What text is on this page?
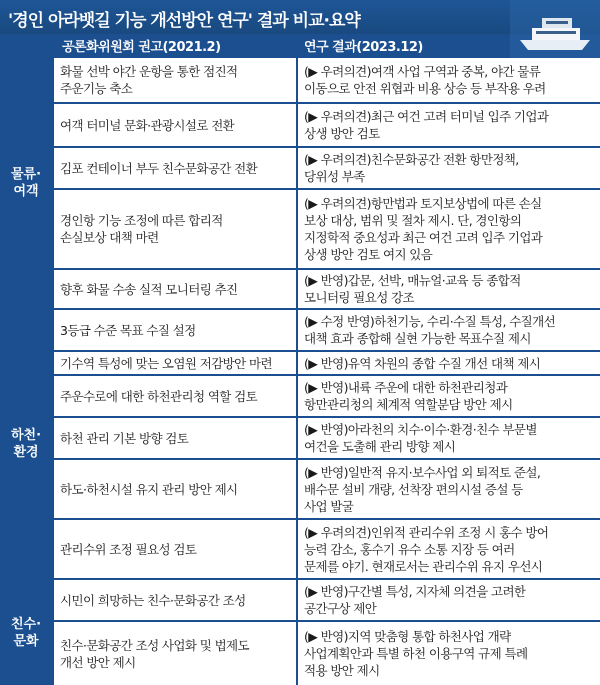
'경인 아라뱃길 기능 개선방안 연구' 결과 비교·요약
공론화위원회 권고(2021.2)	연구 결과(2023.12)
물류·
여객
하천·
환경
친수·
문화
화물 선박 야간 운항을 통한 점진적
주운기능 축소
(▶ 우려의견)여객 사업 구역과 중복, 야간 물류
이동으로 안전 위협과 비용 상승 등 부작용 우려
여객 터미널 문화·관광시설로 전환
(▶ 우려의견)최근 여건 고려 터미널 입주 기업과
상생 방안 검토
김포 컨테이너 부두 친수문화공간 전환
(▶ 우려의견)친수문화공간 전환 항만정책,
당위성 부족
경인항 기능 조정에 따른 합리적
손실보상 대책 마련
(▶ 우려의견)항만법과 토지보상법에 따른 손실
보상 대상, 범위 및 절차 제시. 단, 경인항의
지정학적 중요성과 최근 여건 고려 입주 기업과
상생 방안 검토 여지 있음
향후 화물 수송 실적 모니터링 추진
(▶ 반영)갑문, 선박, 매뉴얼·교육 등 종합적
모니터링 필요성 강조
3등급 수준 목표 수질 설정
(▶ 수정 반영)하천기능, 수리·수질 특성, 수질개선
대책 효과 종합해 실현 가능한 목표수질 제시
기수역 특성에 맞는 오염원 저감방안 마련	(▶ 반영)유역 차원의 종합 수질 개선 대책 제시
주운수로에 대한 하천관리청 역할 검토
(▶ 반영)내륙 주운에 대한 하천관리청과
항만관리청의 체계적 역할분담 방안 제시
하천 관리 기본 방향 검토
(▶ 반영)아라천의 치수·이수·환경·친수 부문별
여건을 도출해 관리 방향 제시
하도·하천시설 유지 관리 방안 제시
(▶ 반영)일반적 유지·보수사업 외 퇴적토 준설,
배수문 설비 개량, 선착장 편의시설 증설 등
사업 발굴
관리수위 조정 필요성 검토
(▶ 우려의견)인위적 관리수위 조정 시 홍수 방어
능력 감소, 홍수기 유수 소통 지장 등 여러
문제를 야기. 현재로서는 관리수위 유지 우선시
시민이 희망하는 친수·문화공간 조성
(▶ 반영)구간별 특성, 지자체 의견을 고려한
공간구상 제안
친수·문화공간 조성 사업화 및 법제도
개선 방안 제시
(▶ 반영)지역 맞춤형 통합 하천사업 개략
사업계획안과 특별 하천 이용구역 규제 특례
적용 방안 제시
